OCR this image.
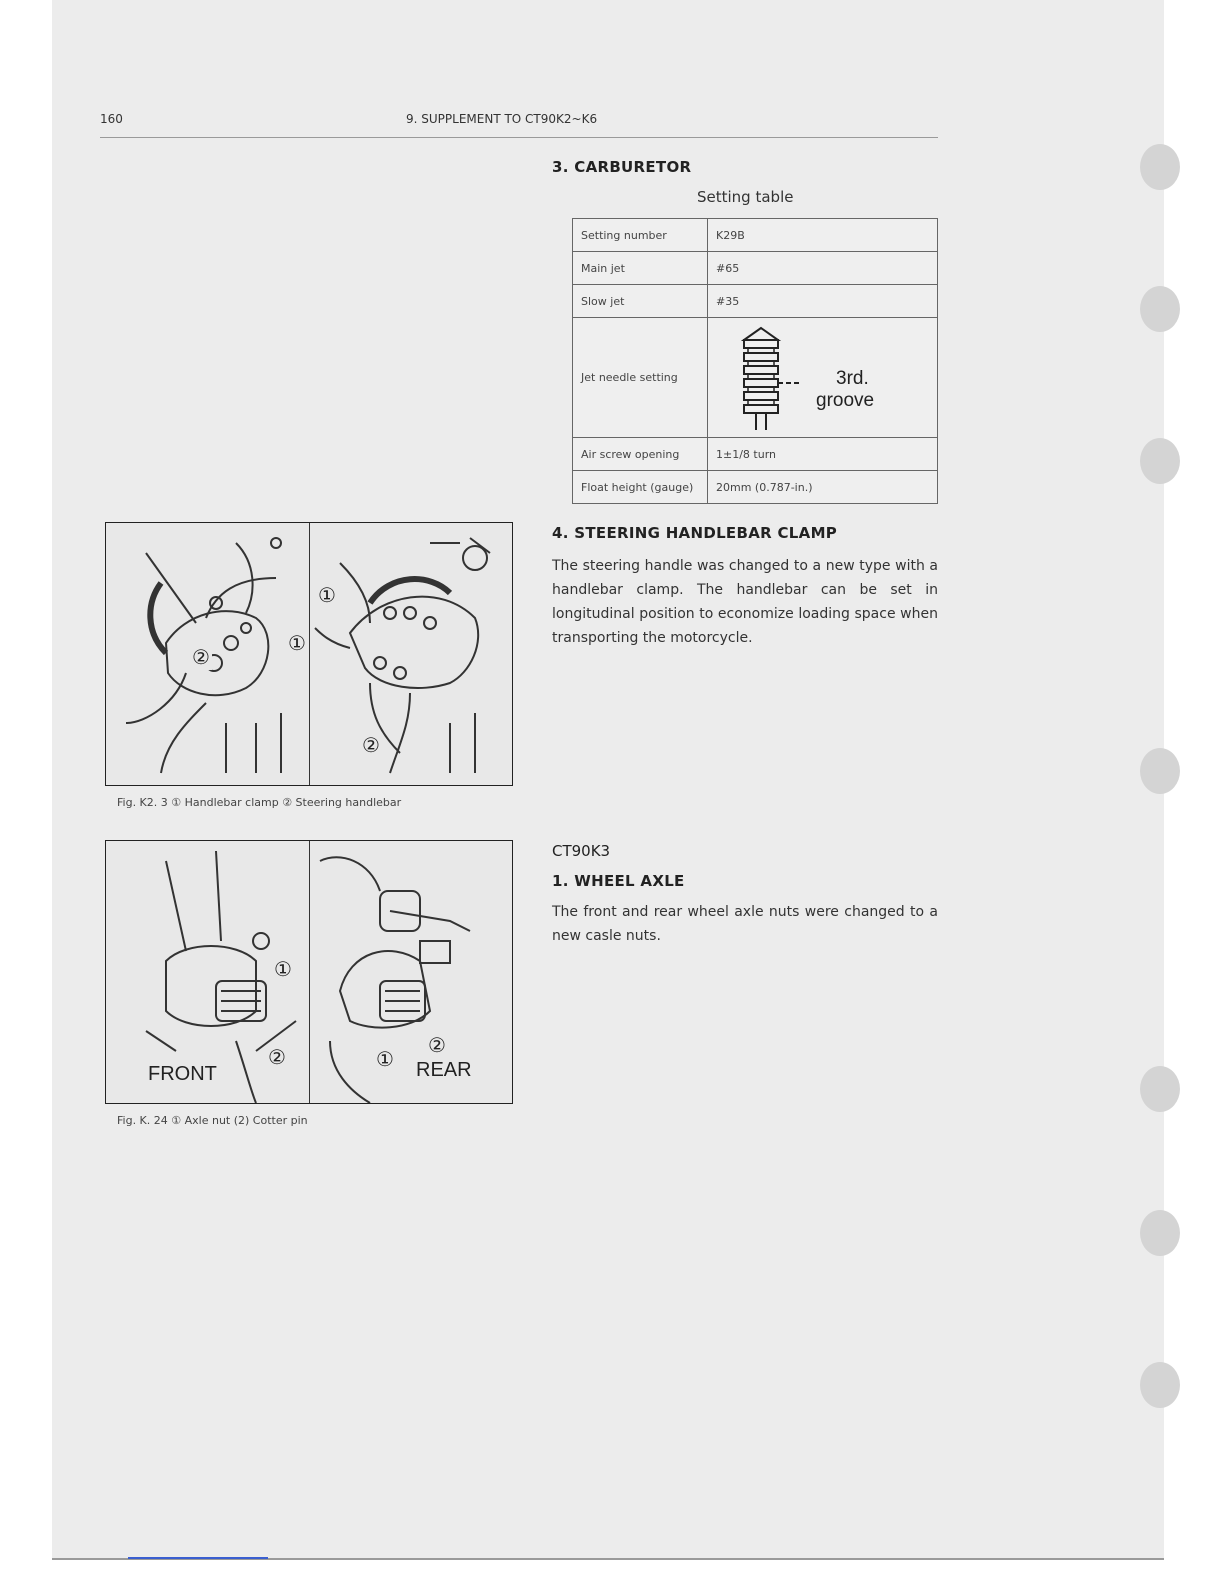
160	9. SUPPLEMENT TO CT90K2~K6
3. CARBURETOR
Setting table
Setting number	K29B
Main jet	#65
Slow jet	#35
Jet needle setting	3rd.
groove

Air screw opening	1±1/8 turn
Float height (gauge)	20mm (0.787-in.)
4. STEERING HANDLEBAR CLAMP
The steering handle was changed to a new type with a handlebar clamp. The handlebar can be set in longitudinal position to economize loading space when transporting the motorcycle.
CT90K3
1. WHEEL AXLE
The front and rear wheel axle nuts were changed to a new casle nuts.
②
①
①
②
Fig. K2. 3 ① Handlebar clamp ② Steering handlebar
①
②
FRONT
①
②
REAR
Fig. K. 24 ① Axle nut (2) Cotter pin
